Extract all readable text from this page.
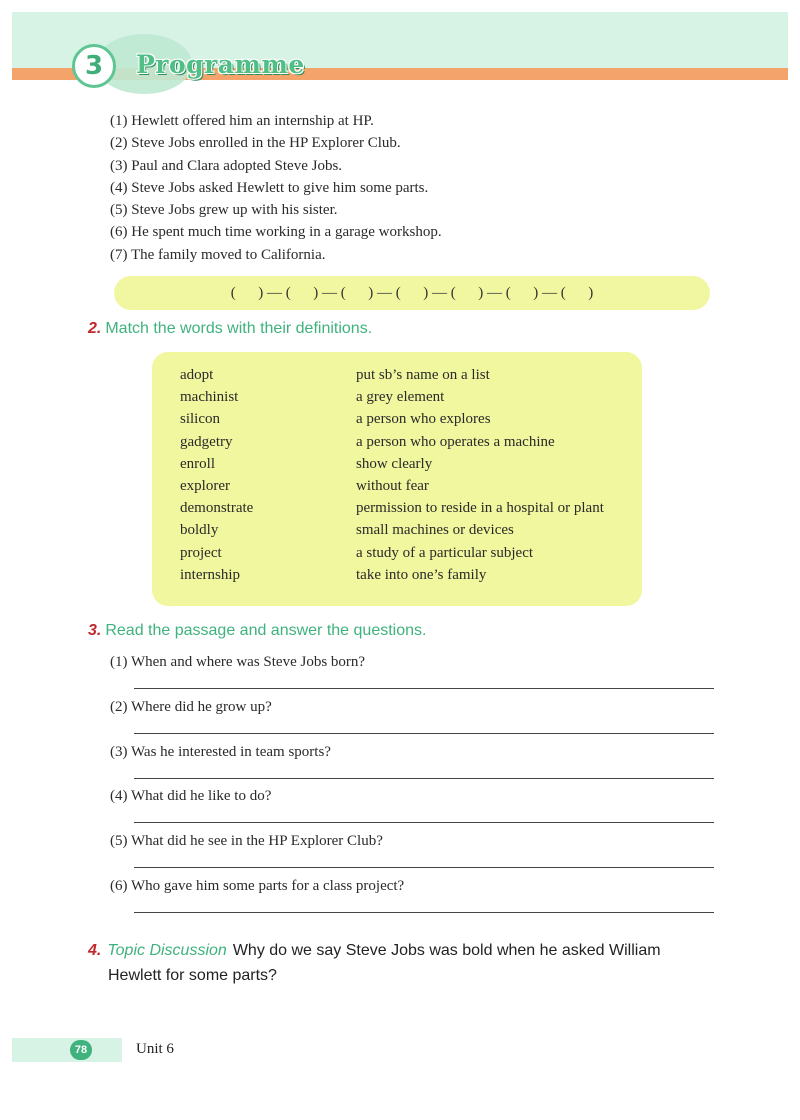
3	Programme
(1) Hewlett offered him an internship at HP.
(2) Steve Jobs enrolled in the HP Explorer Club.
(3) Paul and Clara adopted Steve Jobs.
(4) Steve Jobs asked Hewlett to give him some parts.
(5) Steve Jobs grew up with his sister.
(6) He spent much time working in a garage workshop.
(7) The family moved to California.
(      ) — (      ) — (      ) — (      ) — (      ) — (      ) — (      )
2. Match the words with their definitions.
adopt
machinist
silicon
gadgetry
enroll
explorer
demonstrate
boldly
project
internship
put sb’s name on a list
a grey element
a person who explores
a person who operates a machine
show clearly
without fear
permission to reside in a hospital or plant
small machines or devices
a study of a particular subject
take into one’s family
3. Read the passage and answer the questions.
(1) When and where was Steve Jobs born?
(2) Where did he grow up?
(3) Was he interested in team sports?
(4) What did he like to do?
(5) What did he see in the HP Explorer Club?
(6) Who gave him some parts for a class project?
4. Topic Discussion Why do we say Steve Jobs was bold when he asked William
Hewlett for some parts?
78	Unit 6
